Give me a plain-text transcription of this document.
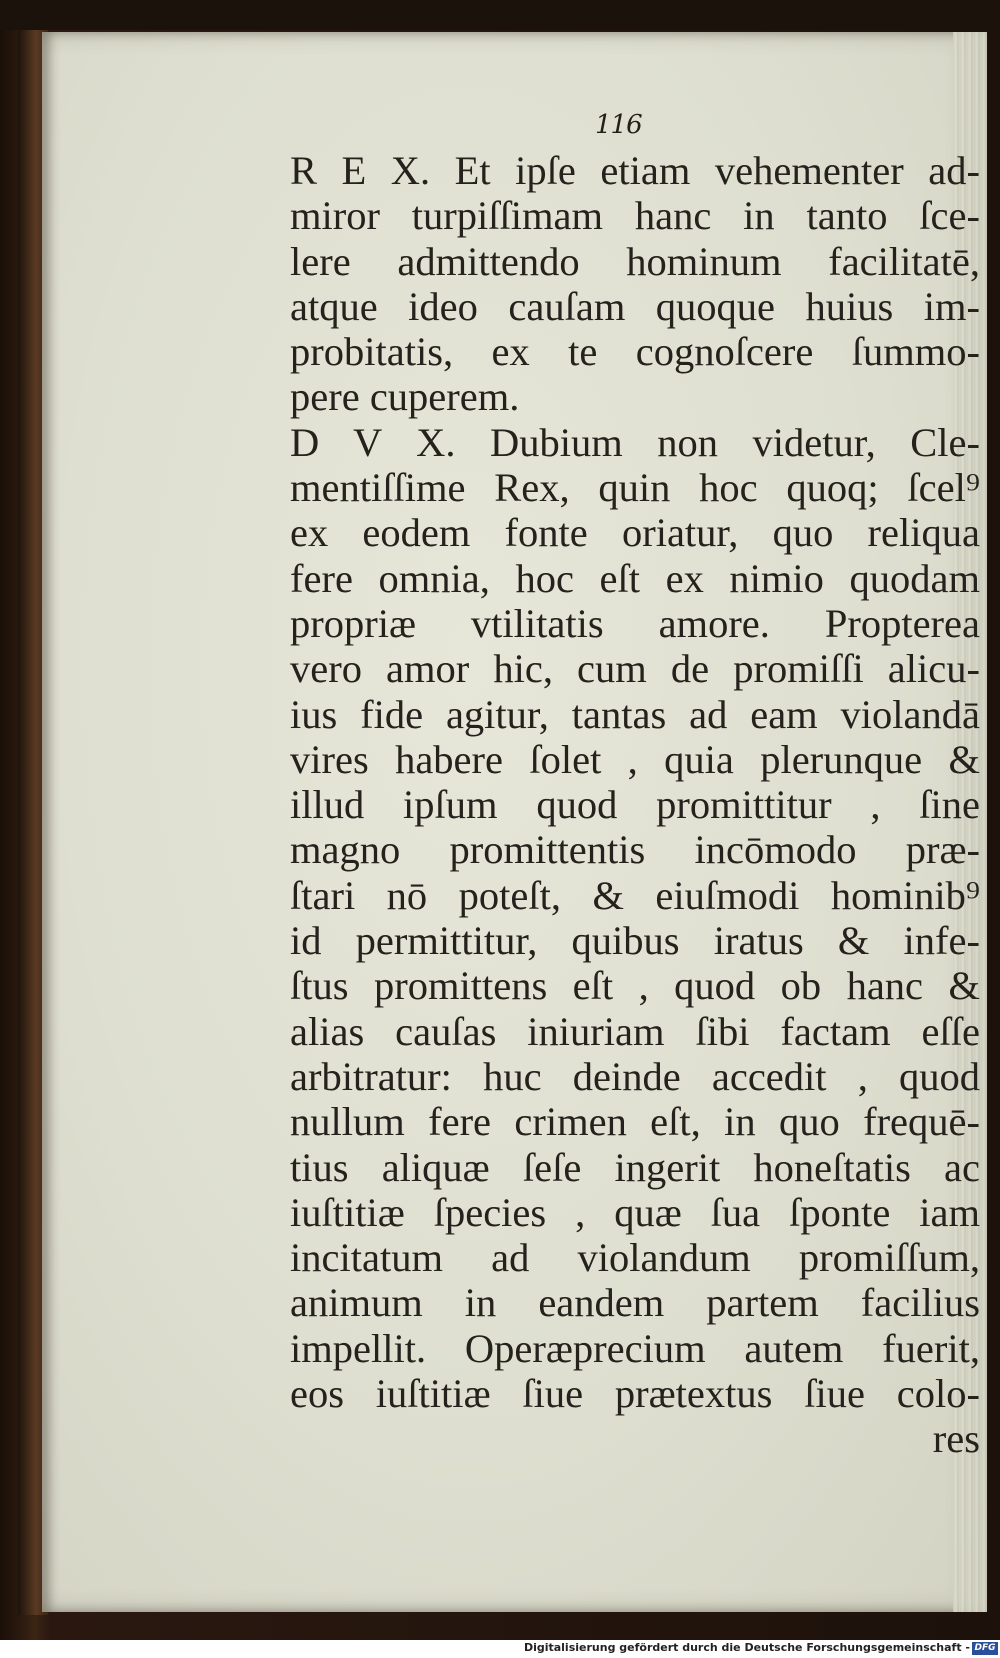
116
R E X. Et ipſe etiam vehementer ad-
miror turpiſſimam hanc in tanto ſce-
lere admittendo hominum facilitatē,
atque ideo cauſam quoque huius im-
probitatis, ex te cognoſcere ſummo-
pere cuperem.
D V X. Dubium non videtur, Cle-
mentiſſime Rex, quin hoc quoq; ſcel⁹
ex eodem fonte oriatur, quo reliqua
fere omnia, hoc eſt ex nimio quodam
propriæ vtilitatis amore. Propterea
vero amor hic, cum de promiſſi alicu-
ius fide agitur, tantas ad eam violandā
vires habere ſolet , quia plerunque &
illud ipſum quod promittitur , ſine
magno promittentis incōmodo præ-
ſtari nō poteſt, & eiuſmodi hominib⁹
id permittitur, quibus iratus & infe-
ſtus promittens eſt , quod ob hanc &
alias cauſas iniuriam ſibi factam eſſe
arbitratur: huc deinde accedit , quod
nullum fere crimen eſt, in quo frequē-
tius aliquæ ſeſe ingerit honeſtatis ac
iuſtitiæ ſpecies , quæ ſua ſponte iam
incitatum ad violandum promiſſum,
animum in eandem partem facilius
impellit. Operæprecium autem fuerit,
eos iuſtitiæ ſiue prætextus ſiue colo-
res
Digitalisierung gefördert durch die Deutsche Forschungsgemeinschaft - DFG
